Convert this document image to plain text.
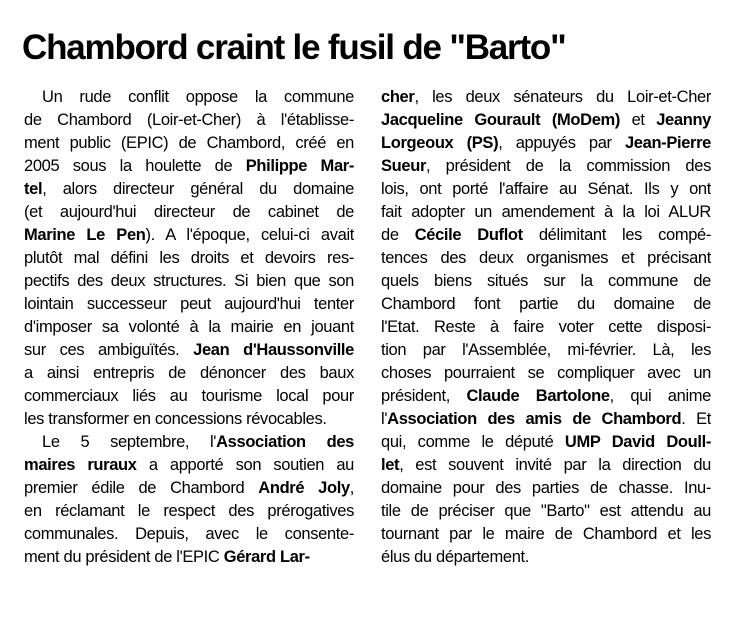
Chambord craint le fusil de "Barto"
Un rude conflit oppose la commune
de Chambord (Loir-et-Cher) à l'établisse-
ment public (EPIC) de Chambord, créé en
2005 sous la houlette de Philippe Mar-
tel, alors directeur général du domaine
(et aujourd'hui directeur de cabinet de
Marine Le Pen). A l'époque, celui-ci avait
plutôt mal défini les droits et devoirs res-
pectifs des deux structures. Si bien que son
lointain successeur peut aujourd'hui tenter
d'imposer sa volonté à la mairie en jouant
sur ces ambiguïtés. Jean d'Haussonville
a ainsi entrepris de dénoncer des baux
commerciaux liés au tourisme local pour
les transformer en concessions révocables.
Le 5 septembre, l'Association des
maires ruraux a apporté son soutien au
premier édile de Chambord André Joly,
en réclamant le respect des prérogatives
communales. Depuis, avec le consente-
ment du président de l'EPIC Gérard Lar-
cher, les deux sénateurs du Loir-et-Cher
Jacqueline Gourault (MoDem) et Jeanny
Lorgeoux (PS), appuyés par Jean-Pierre
Sueur, président de la commission des
lois, ont porté l'affaire au Sénat. Ils y ont
fait adopter un amendement à la loi ALUR
de Cécile Duflot délimitant les compé-
tences des deux organismes et précisant
quels biens situés sur la commune de
Chambord font partie du domaine de
l'Etat. Reste à faire voter cette disposi-
tion par l'Assemblée, mi-février. Là, les
choses pourraient se compliquer avec un
président, Claude Bartolone, qui anime
l'Association des amis de Chambord. Et
qui, comme le député UMP David Doull-
let, est souvent invité par la direction du
domaine pour des parties de chasse. Inu-
tile de préciser que "Barto" est attendu au
tournant par le maire de Chambord et les
élus du département.
